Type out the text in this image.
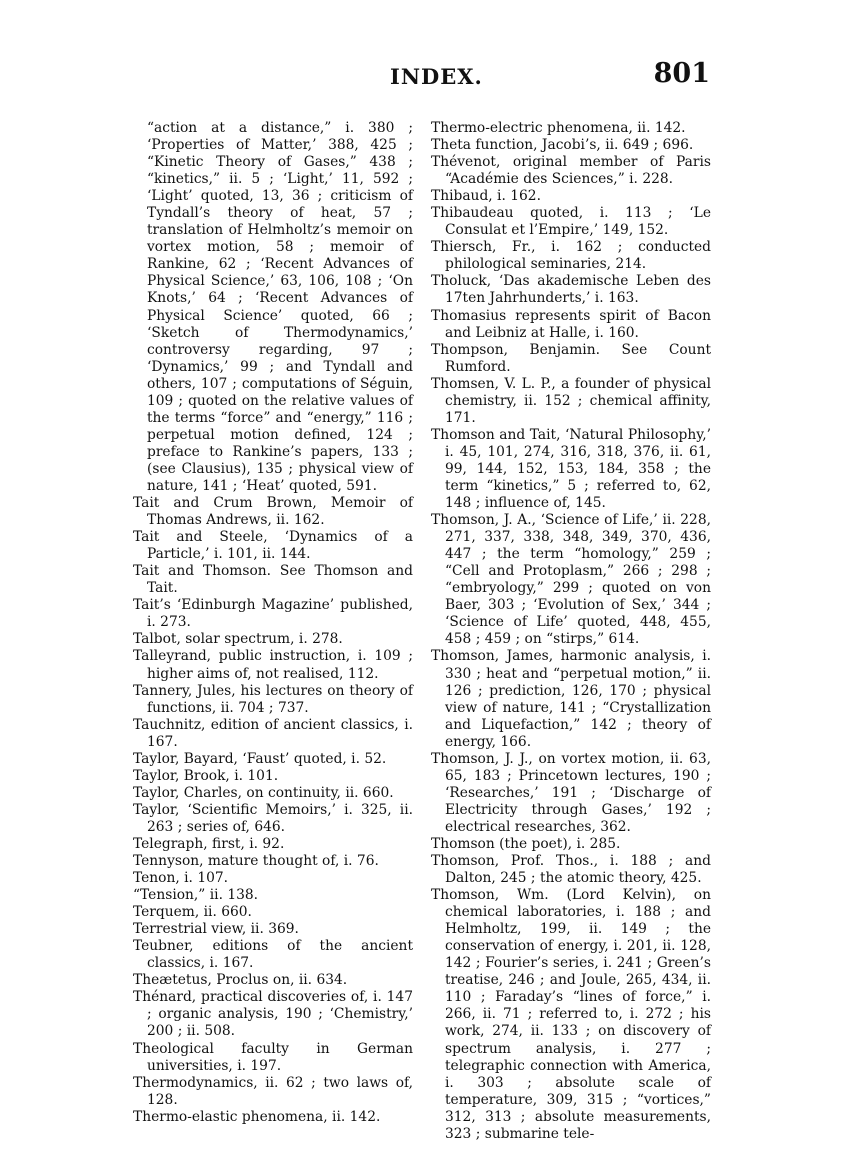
INDEX.	801

“action at a distance,” i. 380 ; ‘Properties of Matter,’ 388, 425 ; “Kinetic Theory of Gases,” 438 ; “kinetics,” ii. 5 ; ‘Light,’ 11, 592 ; ‘Light’ quoted, 13, 36 ; criticism of Tyndall’s theory of heat, 57 ; translation of Helmholtz’s memoir on vortex motion, 58 ; memoir of Rankine, 62 ; ‘Recent Advances of Physical Science,’ 63, 106, 108 ; ‘On Knots,’ 64 ; ‘Recent Advances of Physical Science’ quoted, 66 ; ‘Sketch of Thermodynamics,’ controversy regarding, 97 ; ‘Dynamics,’ 99 ; and Tyndall and others, 107 ; computations of Séguin, 109 ; quoted on the relative values of the terms “force” and “energy,” 116 ; perpetual motion defined, 124 ; preface to Rankine’s papers, 133 ; (see Clausius), 135 ; physical view of nature, 141 ; ‘Heat’ quoted, 591.

Tait and Crum Brown, Memoir of Thomas Andrews, ii. 162.

Tait and Steele, ‘Dynamics of a Particle,’ i. 101, ii. 144.

Tait and Thomson. See Thomson and Tait.

Tait’s ‘Edinburgh Magazine’ published, i. 273.

Talbot, solar spectrum, i. 278.

Talleyrand, public instruction, i. 109 ; higher aims of, not realised, 112.

Tannery, Jules, his lectures on theory of functions, ii. 704 ; 737.

Tauchnitz, edition of ancient classics, i. 167.

Taylor, Bayard, ‘Faust’ quoted, i. 52.

Taylor, Brook, i. 101.

Taylor, Charles, on continuity, ii. 660.

Taylor, ‘Scientific Memoirs,’ i. 325, ii. 263 ; series of, 646.

Telegraph, first, i. 92.

Tennyson, mature thought of, i. 76.

Tenon, i. 107.

“Tension,” ii. 138.

Terquem, ii. 660.

Terrestrial view, ii. 369.

Teubner, editions of the ancient classics, i. 167.

Theætetus, Proclus on, ii. 634.

Thénard, practical discoveries of, i. 147 ; organic analysis, 190 ; ‘Chemistry,’ 200 ; ii. 508.

Theological faculty in German universities, i. 197.

Thermodynamics, ii. 62 ; two laws of, 128.

Thermo-elastic phenomena, ii. 142.

Thermo-electric phenomena, ii. 142.

Theta function, Jacobi’s, ii. 649 ; 696.

Thévenot, original member of Paris “Académie des Sciences,” i. 228.

Thibaud, i. 162.

Thibaudeau quoted, i. 113 ; ‘Le Consulat et l’Empire,’ 149, 152.

Thiersch, Fr., i. 162 ; conducted philological seminaries, 214.

Tholuck, ‘Das akademische Leben des 17ten Jahrhunderts,’ i. 163.

Thomasius represents spirit of Bacon and Leibniz at Halle, i. 160.

Thompson, Benjamin. See Count Rumford.

Thomsen, V. L. P., a founder of physical chemistry, ii. 152 ; chemical affinity, 171.

Thomson and Tait, ‘Natural Philosophy,’ i. 45, 101, 274, 316, 318, 376, ii. 61, 99, 144, 152, 153, 184, 358 ; the term “kinetics,” 5 ; referred to, 62, 148 ; influence of, 145.

Thomson, J. A., ‘Science of Life,’ ii. 228, 271, 337, 338, 348, 349, 370, 436, 447 ; the term “homology,” 259 ; “Cell and Protoplasm,” 266 ; 298 ; “embryology,” 299 ; quoted on von Baer, 303 ; ‘Evolution of Sex,’ 344 ; ‘Science of Life’ quoted, 448, 455, 458 ; 459 ; on “stirps,” 614.

Thomson, James, harmonic analysis, i. 330 ; heat and “perpetual motion,” ii. 126 ; prediction, 126, 170 ; physical view of nature, 141 ; “Crystallization and Liquefaction,” 142 ; theory of energy, 166.

Thomson, J. J., on vortex motion, ii. 63, 65, 183 ; Princetown lectures, 190 ; ‘Researches,’ 191 ; ‘Discharge of Electricity through Gases,’ 192 ; electrical researches, 362.

Thomson (the poet), i. 285.

Thomson, Prof. Thos., i. 188 ; and Dalton, 245 ; the atomic theory, 425.

Thomson, Wm. (Lord Kelvin), on chemical laboratories, i. 188 ; and Helmholtz, 199, ii. 149 ; the conservation of energy, i. 201, ii. 128, 142 ; Fourier’s series, i. 241 ; Green’s treatise, 246 ; and Joule, 265, 434, ii. 110 ; Faraday’s “lines of force,” i. 266, ii. 71 ; referred to, i. 272 ; his work, 274, ii. 133 ; on discovery of spectrum analysis, i. 277 ; telegraphic connection with America, i. 303 ; absolute scale of temperature, 309, 315 ; “vortices,” 312, 313 ; absolute measurements, 323 ; submarine tele-
